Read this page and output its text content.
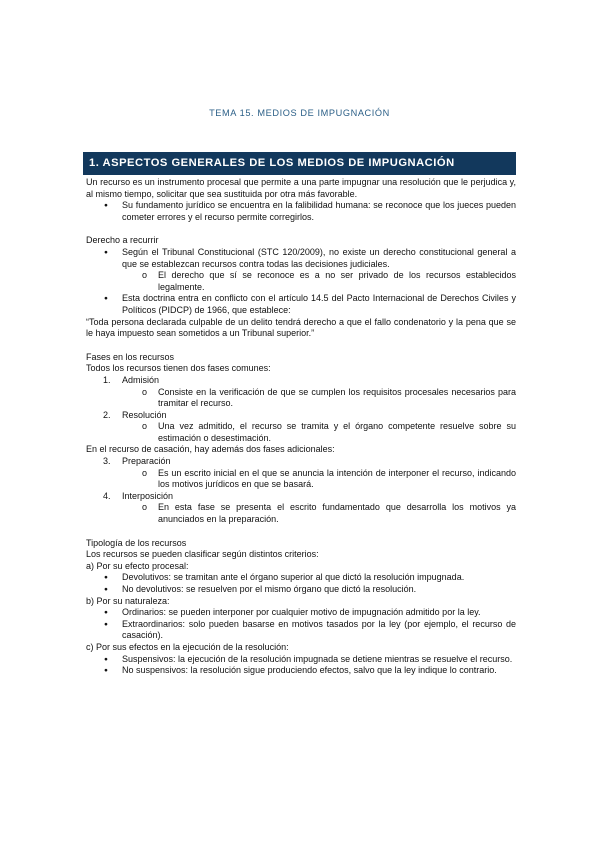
TEMA 15. MEDIOS DE IMPUGNACIÓN
1. ASPECTOS GENERALES DE LOS MEDIOS DE IMPUGNACIÓN

Un recurso es un instrumento procesal que permite a una parte impugnar una resolución que le perjudica y, al mismo tiempo, solicitar que sea sustituida por otra más favorable.

● Su fundamento jurídico se encuentra en la falibilidad humana: se reconoce que los jueces pueden cometer errores y el recurso permite corregirlos.

Derecho a recurrir

● Según el Tribunal Constitucional (STC 120/2009), no existe un derecho constitucional general a que se establezcan recursos contra todas las decisiones judiciales.

o El derecho que sí se reconoce es a no ser privado de los recursos establecidos legalmente.

● Esta doctrina entra en conflicto con el artículo 14.5 del Pacto Internacional de Derechos Civiles y Políticos (PIDCP) de 1966, que establece:

“Toda persona declarada culpable de un delito tendrá derecho a que el fallo condenatorio y la pena que se le haya impuesto sean sometidos a un Tribunal superior.”

Fases en los recursos

Todos los recursos tienen dos fases comunes:

1. Admisión

o Consiste en la verificación de que se cumplen los requisitos procesales necesarios para tramitar el recurso.

2. Resolución

o Una vez admitido, el recurso se tramita y el órgano competente resuelve sobre su estimación o desestimación.

En el recurso de casación, hay además dos fases adicionales:

3. Preparación

o Es un escrito inicial en el que se anuncia la intención de interponer el recurso, indicando los motivos jurídicos en que se basará.

4. Interposición

o En esta fase se presenta el escrito fundamentado que desarrolla los motivos ya anunciados en la preparación.

Tipología de los recursos

Los recursos se pueden clasificar según distintos criterios:

a) Por su efecto procesal:

● Devolutivos: se tramitan ante el órgano superior al que dictó la resolución impugnada.

● No devolutivos: se resuelven por el mismo órgano que dictó la resolución.

b) Por su naturaleza:

● Ordinarios: se pueden interponer por cualquier motivo de impugnación admitido por la ley.

● Extraordinarios: solo pueden basarse en motivos tasados por la ley (por ejemplo, el recurso de casación).

c) Por sus efectos en la ejecución de la resolución:

● Suspensivos: la ejecución de la resolución impugnada se detiene mientras se resuelve el recurso.

● No suspensivos: la resolución sigue produciendo efectos, salvo que la ley indique lo contrario.
